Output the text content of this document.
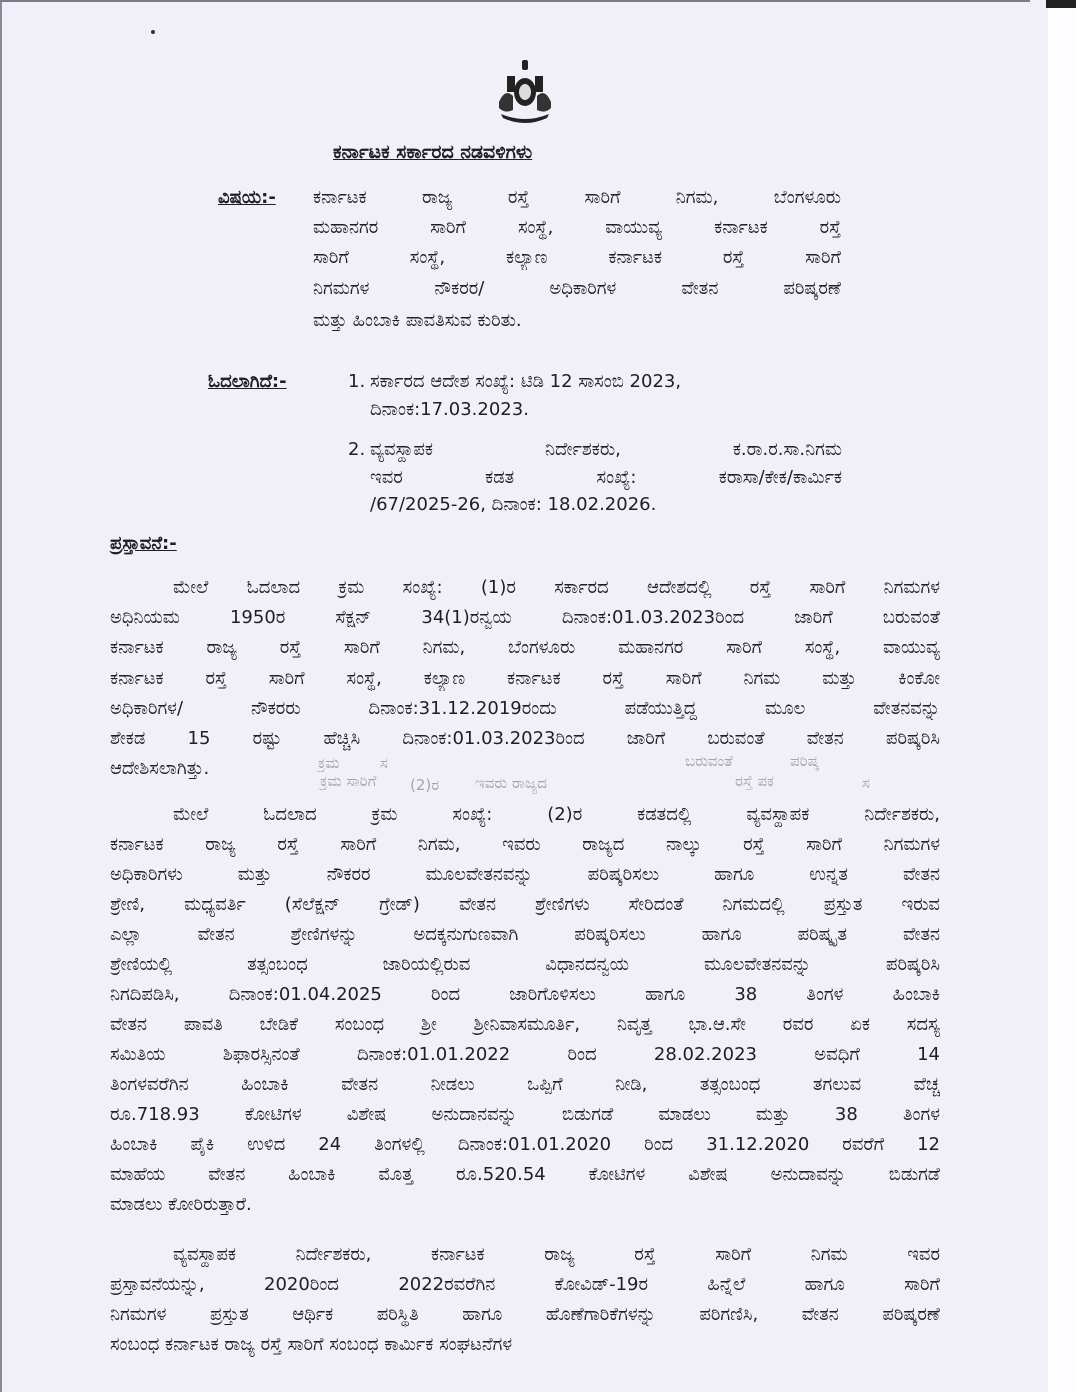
ಕರ್ನಾಟಕ ಸರ್ಕಾರದ ನಡವಳಿಗಳು
ವಿಷಯ:- ಕರ್ನಾಟಕ ರಾಜ್ಯ ರಸ್ತೆ ಸಾರಿಗೆ ನಿಗಮ, ಬೆಂಗಳೂರು
ಮಹಾನಗರ ಸಾರಿಗೆ ಸಂಸ್ಥೆ, ವಾಯುವ್ಯ ಕರ್ನಾಟಕ ರಸ್ತೆ
ಸಾರಿಗೆ ಸಂಸ್ಥೆ, ಕಲ್ಯಾಣ ಕರ್ನಾಟಕ ರಸ್ತೆ ಸಾರಿಗೆ
ನಿಗಮಗಳ ನೌಕರರ/ ಅಧಿಕಾರಿಗಳ ವೇತನ ಪರಿಷ್ಕರಣೆ
ಮತ್ತು ಹಿಂಬಾಕಿ ಪಾವತಿಸುವ ಕುರಿತು.
ಓದಲಾಗಿದೆ:-	1. ಸರ್ಕಾರದ ಆದೇಶ ಸಂಖ್ಯೆ: ಟಿಡಿ 12 ಸಾಸಂಬಿ 2023,
ದಿನಾಂಕ:17.03.2023.
2. ವ್ಯವಸ್ಥಾಪಕ ನಿರ್ದೇಶಕರು, ಕ.ರಾ.ರ.ಸಾ.ನಿಗಮ
ಇವರ ಕಡತ ಸಂಖ್ಯೆ: ಕರಾಸಾ/ಕೇಕ/ಕಾರ್ಮಿಕ
/67/2025-26, ದಿನಾಂಕ: 18.02.2026.
ಪ್ರಸ್ತಾವನೆ:-
ಮೇಲೆ ಓದಲಾದ ಕ್ರಮ ಸಂಖ್ಯೆ: (1)ರ ಸರ್ಕಾರದ ಆದೇಶದಲ್ಲಿ ರಸ್ತೆ ಸಾರಿಗೆ ನಿಗಮಗಳ
ಅಧಿನಿಯಮ 1950ರ ಸೆಕ್ಷನ್ 34(1)ರನ್ವಯ ದಿನಾಂಕ:01.03.2023ರಿಂದ ಜಾರಿಗೆ ಬರುವಂತೆ
ಕರ್ನಾಟಕ ರಾಜ್ಯ ರಸ್ತೆ ಸಾರಿಗೆ ನಿಗಮ, ಬೆಂಗಳೂರು ಮಹಾನಗರ ಸಾರಿಗೆ ಸಂಸ್ಥೆ, ವಾಯುವ್ಯ
ಕರ್ನಾಟಕ ರಸ್ತೆ ಸಾರಿಗೆ ಸಂಸ್ಥೆ, ಕಲ್ಯಾಣ ಕರ್ನಾಟಕ ರಸ್ತೆ ಸಾರಿಗೆ ನಿಗಮ ಮತ್ತು ಕಿಂಕೋ
ಅಧಿಕಾರಿಗಳ/ ನೌಕರರು ದಿನಾಂಕ:31.12.2019ರಂದು ಪಡೆಯುತ್ತಿದ್ದ ಮೂಲ ವೇತನವನ್ನು
ಶೇಕಡ 15 ರಷ್ಟು ಹೆಚ್ಚಿಸಿ ದಿನಾಂಕ:01.03.2023ರಿಂದ ಜಾರಿಗೆ ಬರುವಂತೆ ವೇತನ ಪರಿಷ್ಕರಿಸಿ
ಆದೇಶಿಸಲಾಗಿತ್ತು.	ಕ್ರಮ	ಸ	ಬರುವಂತೆ	ಪರಿಷ್ಕ
ಕ್ರಮ ಸಾರಿಗೆ (2)ರ ಇವರು ರಾಜ್ಯದ	ರಸ್ತೆ ಪಕ	ಸ
ಮೇಲೆ ಓದಲಾದ ಕ್ರಮ ಸಂಖ್ಯೆ: (2)ರ ಕಡತದಲ್ಲಿ ವ್ಯವಸ್ಥಾಪಕ ನಿರ್ದೇಶಕರು,
ಕರ್ನಾಟಕ ರಾಜ್ಯ ರಸ್ತೆ ಸಾರಿಗೆ ನಿಗಮ, ಇವರು ರಾಜ್ಯದ ನಾಲ್ಕು ರಸ್ತೆ ಸಾರಿಗೆ ನಿಗಮಗಳ
ಅಧಿಕಾರಿಗಳು ಮತ್ತು ನೌಕರರ ಮೂಲವೇತನವನ್ನು ಪರಿಷ್ಕರಿಸಲು ಹಾಗೂ ಉನ್ನತ ವೇತನ
ಶ್ರೇಣಿ, ಮಧ್ಯವರ್ತಿ (ಸೆಲೆಕ್ಷನ್ ಗ್ರೇಡ್) ವೇತನ ಶ್ರೇಣಿಗಳು ಸೇರಿದಂತೆ ನಿಗಮದಲ್ಲಿ ಪ್ರಸ್ತುತ ಇರುವ
ಎಲ್ಲಾ ವೇತನ ಶ್ರೇಣಿಗಳನ್ನು ಅದಕ್ಕನುಗುಣವಾಗಿ ಪರಿಷ್ಕರಿಸಲು ಹಾಗೂ ಪರಿಷ್ಕೃತ ವೇತನ
ಶ್ರೇಣಿಯಲ್ಲಿ ತತ್ಸಂಬಂಧ ಜಾರಿಯಲ್ಲಿರುವ ವಿಧಾನದನ್ವಯ ಮೂಲವೇತನವನ್ನು ಪರಿಷ್ಕರಿಸಿ
ನಿಗದಿಪಡಿಸಿ, ದಿನಾಂಕ:01.04.2025 ರಿಂದ ಜಾರಿಗೊಳಿಸಲು ಹಾಗೂ 38 ತಿಂಗಳ ಹಿಂಬಾಕಿ
ವೇತನ ಪಾವತಿ ಬೇಡಿಕೆ ಸಂಬಂಧ ಶ್ರೀ ಶ್ರೀನಿವಾಸಮೂರ್ತಿ, ನಿವೃತ್ತ ಭಾ.ಆ.ಸೇ ರವರ ಏಕ ಸದಸ್ಯ
ಸಮಿತಿಯ ಶಿಫಾರಸ್ಸಿನಂತೆ ದಿನಾಂಕ:01.01.2022 ರಿಂದ 28.02.2023 ಅವಧಿಗೆ 14
ತಿಂಗಳವರೆಗಿನ ಹಿಂಬಾಕಿ ವೇತನ ನೀಡಲು ಒಪ್ಪಿಗೆ ನೀಡಿ, ತತ್ಸಂಬಂಧ ತಗಲುವ ವೆಚ್ಚ
ರೂ.718.93 ಕೋಟಿಗಳ ವಿಶೇಷ ಅನುದಾನವನ್ನು ಬಿಡುಗಡೆ ಮಾಡಲು ಮತ್ತು 38 ತಿಂಗಳ
ಹಿಂಬಾಕಿ ಪೈಕಿ ಉಳಿದ 24 ತಿಂಗಳಲ್ಲಿ ದಿನಾಂಕ:01.01.2020 ರಿಂದ 31.12.2020 ರವರೆಗೆ 12
ಮಾಹೆಯ ವೇತನ ಹಿಂಬಾಕಿ ಮೊತ್ತ ರೂ.520.54 ಕೋಟಿಗಳ ವಿಶೇಷ ಅನುದಾವನ್ನು ಬಿಡುಗಡೆ
ಮಾಡಲು ಕೋರಿರುತ್ತಾರೆ.
ವ್ಯವಸ್ಥಾಪಕ ನಿರ್ದೇಶಕರು, ಕರ್ನಾಟಕ ರಾಜ್ಯ ರಸ್ತೆ ಸಾರಿಗೆ ನಿಗಮ ಇವರ
ಪ್ರಸ್ತಾವನೆಯನ್ನು, 2020ರಿಂದ 2022ರವರೆಗಿನ ಕೋವಿಡ್-19ರ ಹಿನ್ನೆಲೆ ಹಾಗೂ ಸಾರಿಗೆ
ನಿಗಮಗಳ ಪ್ರಸ್ತುತ ಆರ್ಥಿಕ ಪರಿಸ್ಥಿತಿ ಹಾಗೂ ಹೊಣೆಗಾರಿಕೆಗಳನ್ನು ಪರಿಗಣಿಸಿ, ವೇತನ ಪರಿಷ್ಕರಣೆ
ಸಂಬಂಧ ಕರ್ನಾಟಕ ರಾಜ್ಯ ರಸ್ತೆ ಸಾರಿಗೆ ಸಂಬಂಧ ಕಾರ್ಮಿಕ ಸಂಘಟನೆಗಳ
